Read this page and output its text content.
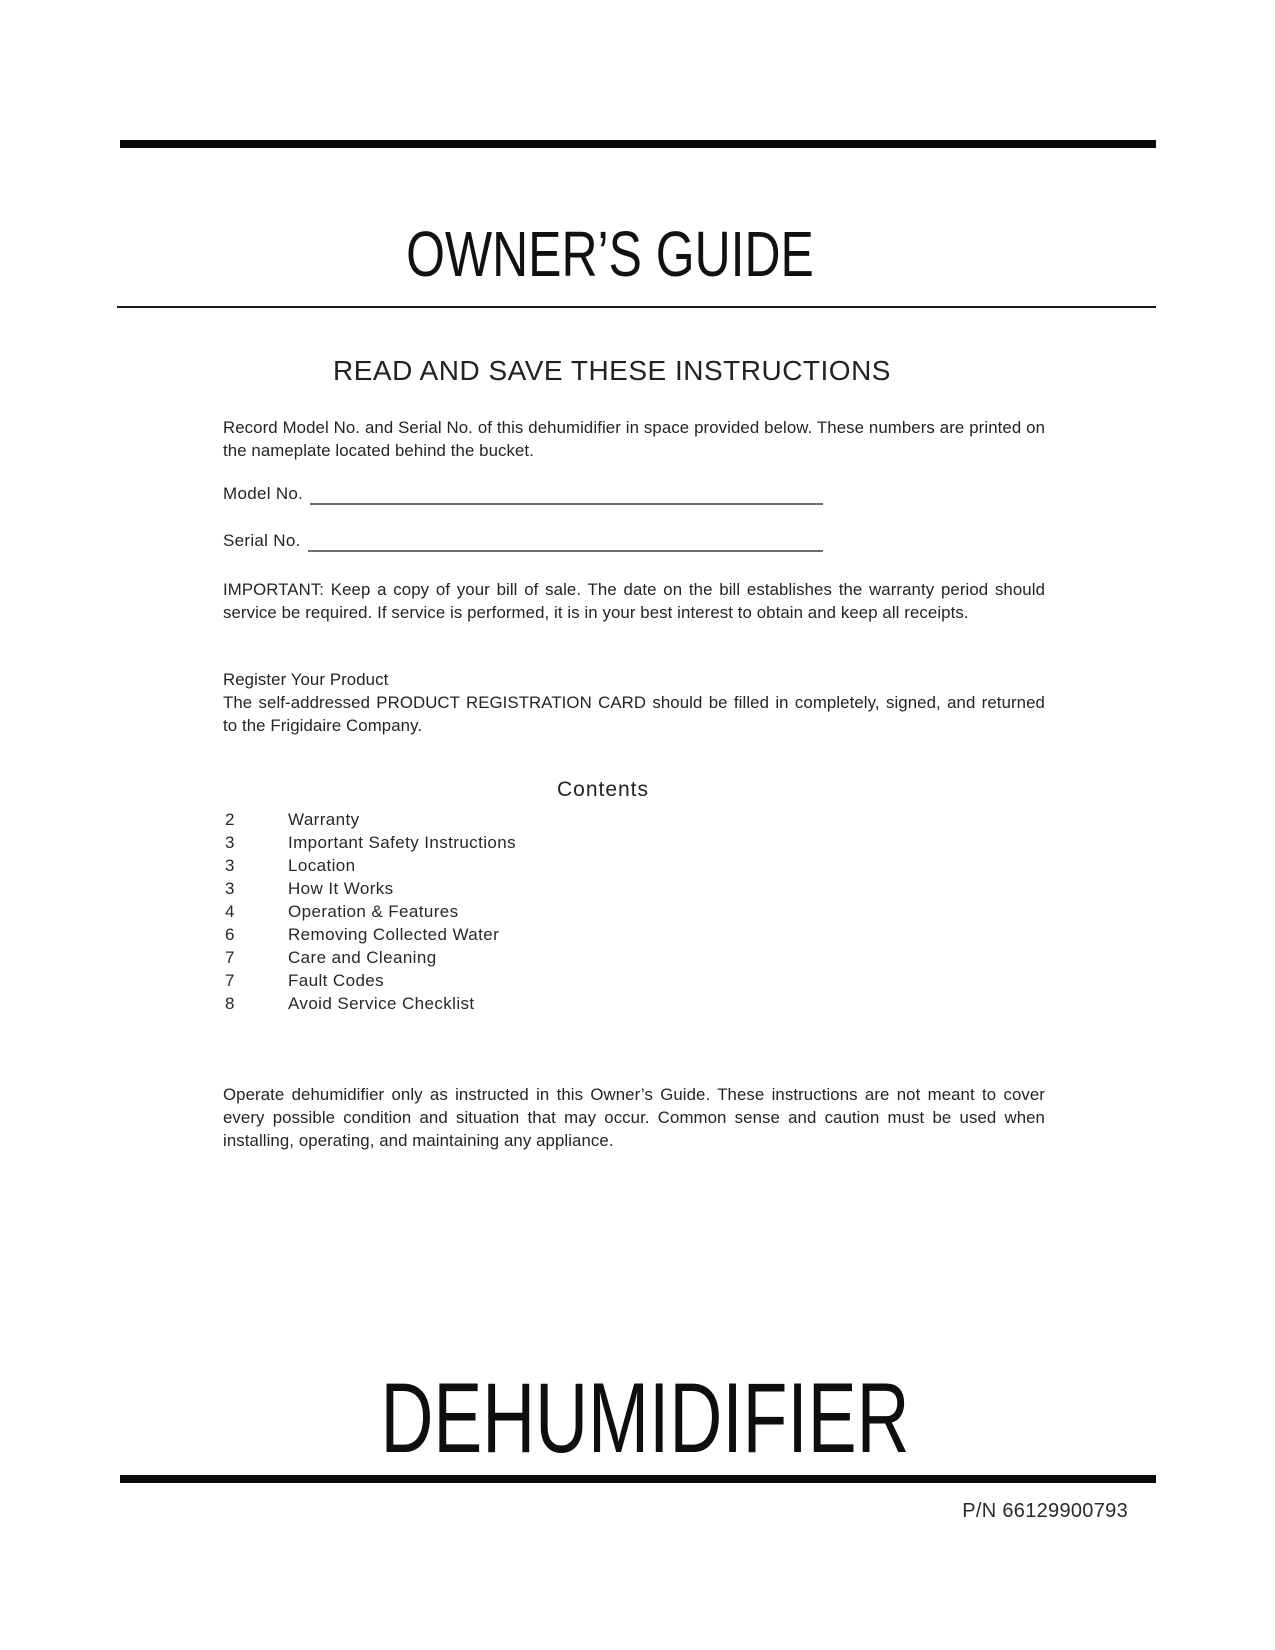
OWNER’S GUIDE
READ AND SAVE THESE INSTRUCTIONS

Record Model No. and Serial No. of this dehumidifier in space provided below. These numbers are printed on the nameplate located behind the bucket.

Model No.
Serial No.

IMPORTANT: Keep a copy of your bill of sale. The date on the bill establishes the warranty period should service be required. If service is performed, it is in your best interest to obtain and keep all receipts.

Register Your Product
The self-addressed PRODUCT REGISTRATION CARD should be filled in completely, signed, and returned to the Frigidaire Company.
Contents
2	Warranty
3	Important Safety Instructions
3	Location
3	How It Works
4	Operation & Features
6	Removing Collected Water
7	Care and Cleaning
7	Fault Codes
8	Avoid Service Checklist

Operate dehumidifier only as instructed in this Owner’s Guide. These instructions are not meant to cover every possible condition and situation that may occur. Common sense and caution must be used when installing, operating, and maintaining any appliance.

DEHUMIDIFIER
P/N 66129900793
